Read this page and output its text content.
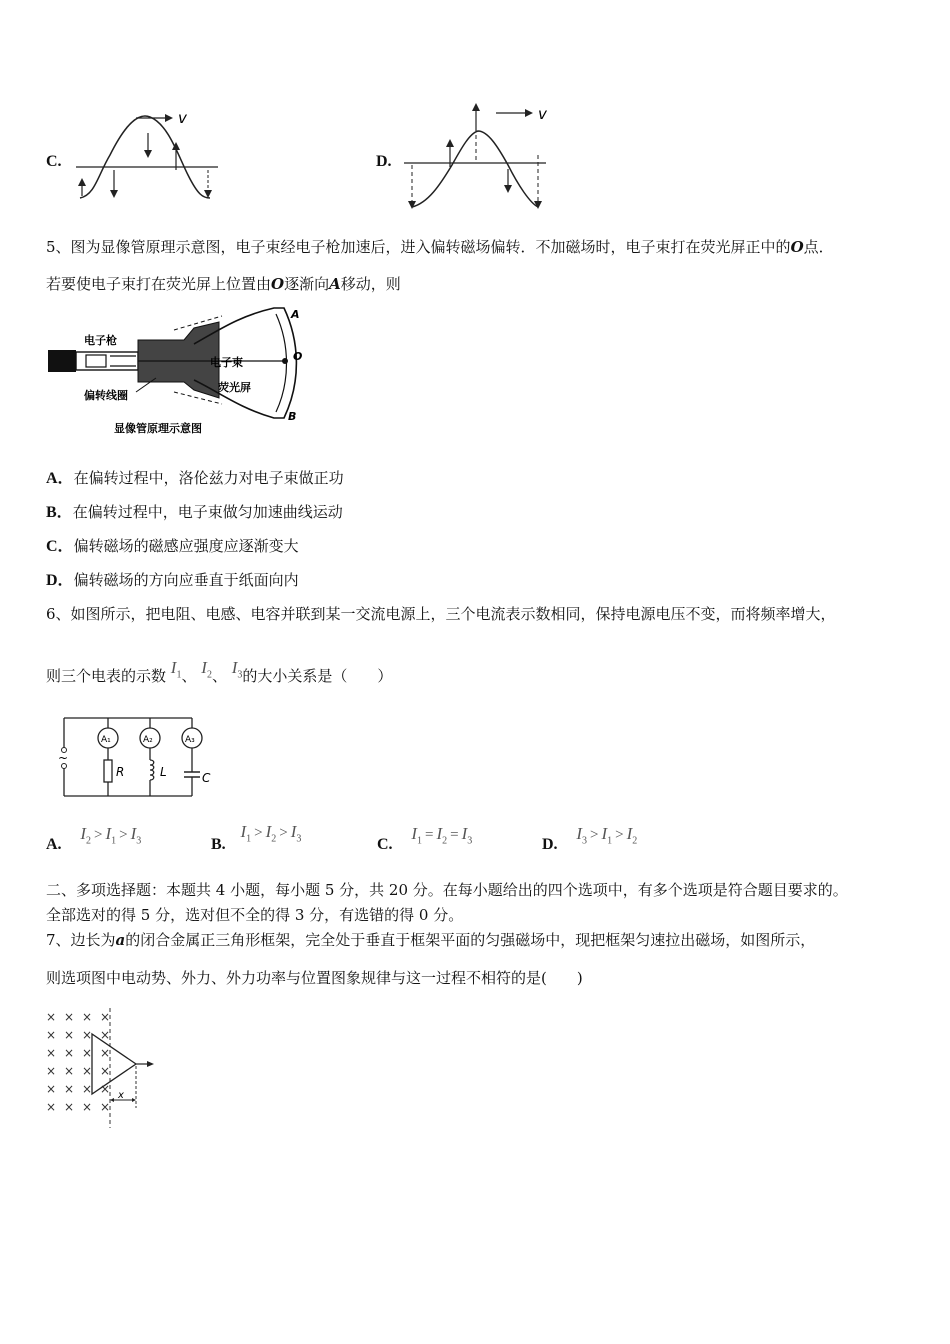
C.
v
D.
v
5、图为显像管原理示意图，电子束经电子枪加速后，进入偏转磁场偏转．不加磁场时，电子束打在荧光屏正中的O点．
若要使电子束打在荧光屏上位置由O逐渐向A移动，则
电子枪
电子束
荧光屏
偏转线圈
A
O
B
显像管原理示意图
A．在偏转过程中，洛伦兹力对电子束做正功
B．在偏转过程中，电子束做匀加速曲线运动
C．偏转磁场的磁感应强度应逐渐变大
D．偏转磁场的方向应垂直于纸面向内
6、如图所示，把电阻、电感、电容并联到某一交流电源上，三个电流表示数相同，保持电源电压不变，而将频率增大，
则三个电表的示数 $I_1$、 $I_2$、 $I_3$的大小关系是（　　）
~
A₁
R
A₂
L
A₃
C
A. $I_2 > I_1 > I_3$	B. $I_1 > I_2 > I_3$	C. $I_1 = I_2 = I_3$	D. $I_3 > I_1 > I_2$
二、多项选择题：本题共 4 小题，每小题 5 分，共 20 分。在每小题给出的四个选项中，有多个选项是符合题目要求的。
全部选对的得 5 分，选对但不全的得 3 分，有选错的得 0 分。
7、边长为a的闭合金属正三角形框架，完全处于垂直于框架平面的匀强磁场中，现把框架匀速拉出磁场，如图所示，
则选项图中电动势、外力、外力功率与位置图象规律与这一过程不相符的是(　　)
× × × ×
× × × ×
× × × ×
× × × ×
× × × ×
× × × ×
x
